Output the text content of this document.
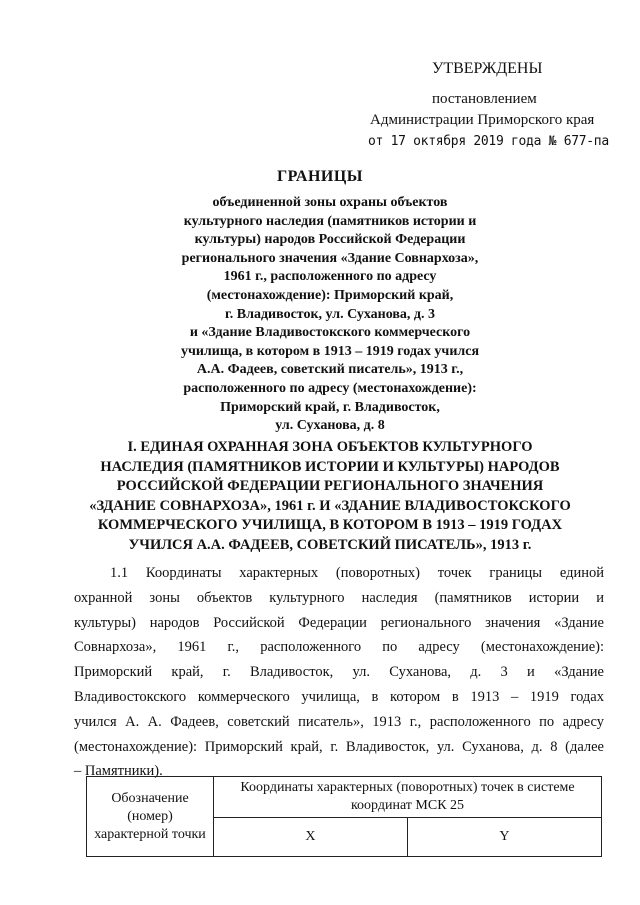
УТВЕРЖДЕНЫ
постановлением
Администрации Приморского края
от 17 октября 2019 года № 677-па
ГРАНИЦЫ
объединенной зоны охраны объектов
культурного наследия (памятников истории и
культуры) народов Российской Федерации
регионального значения «Здание Совнархоза»,
1961 г., расположенного по адресу
(местонахождение): Приморский край,
г. Владивосток, ул. Суханова, д. 3
и «Здание Владивостокского коммерческого
училища, в котором в 1913 – 1919 годах учился
А.А. Фадеев, советский писатель», 1913 г.,
расположенного по адресу (местонахождение):
Приморский край, г. Владивосток,
ул. Суханова, д. 8
I. ЕДИНАЯ ОХРАННАЯ ЗОНА ОБЪЕКТОВ КУЛЬТУРНОГО
НАСЛЕДИЯ (ПАМЯТНИКОВ ИСТОРИИ И КУЛЬТУРЫ) НАРОДОВ
РОССИЙСКОЙ ФЕДЕРАЦИИ РЕГИОНАЛЬНОГО ЗНАЧЕНИЯ
«ЗДАНИЕ СОВНАРХОЗА», 1961 г. И «ЗДАНИЕ ВЛАДИВОСТОКСКОГО
КОММЕРЧЕСКОГО УЧИЛИЩА, В КОТОРОМ В 1913 – 1919 ГОДАХ
УЧИЛСЯ А.А. ФАДЕЕВ, СОВЕТСКИЙ ПИСАТЕЛЬ», 1913 г.
1.1 Координаты характерных (поворотных) точек границы единой
охранной зоны объектов культурного наследия (памятников истории и
культуры) народов Российской Федерации регионального значения «Здание
Совнархоза», 1961 г., расположенного по адресу (местонахождение):
Приморский край, г. Владивосток, ул. Суханова, д. 3 и «Здание
Владивостокского коммерческого училища, в котором в 1913 – 1919 годах
учился А. А. Фадеев, советский писатель», 1913 г., расположенного по адресу
(местонахождение): Приморский край, г. Владивосток, ул. Суханова, д. 8 (далее
– Памятники).
Обозначение (номер) характерной точки	Координаты характерных (поворотных) точек в системе координат МСК 25	
	X	Y
